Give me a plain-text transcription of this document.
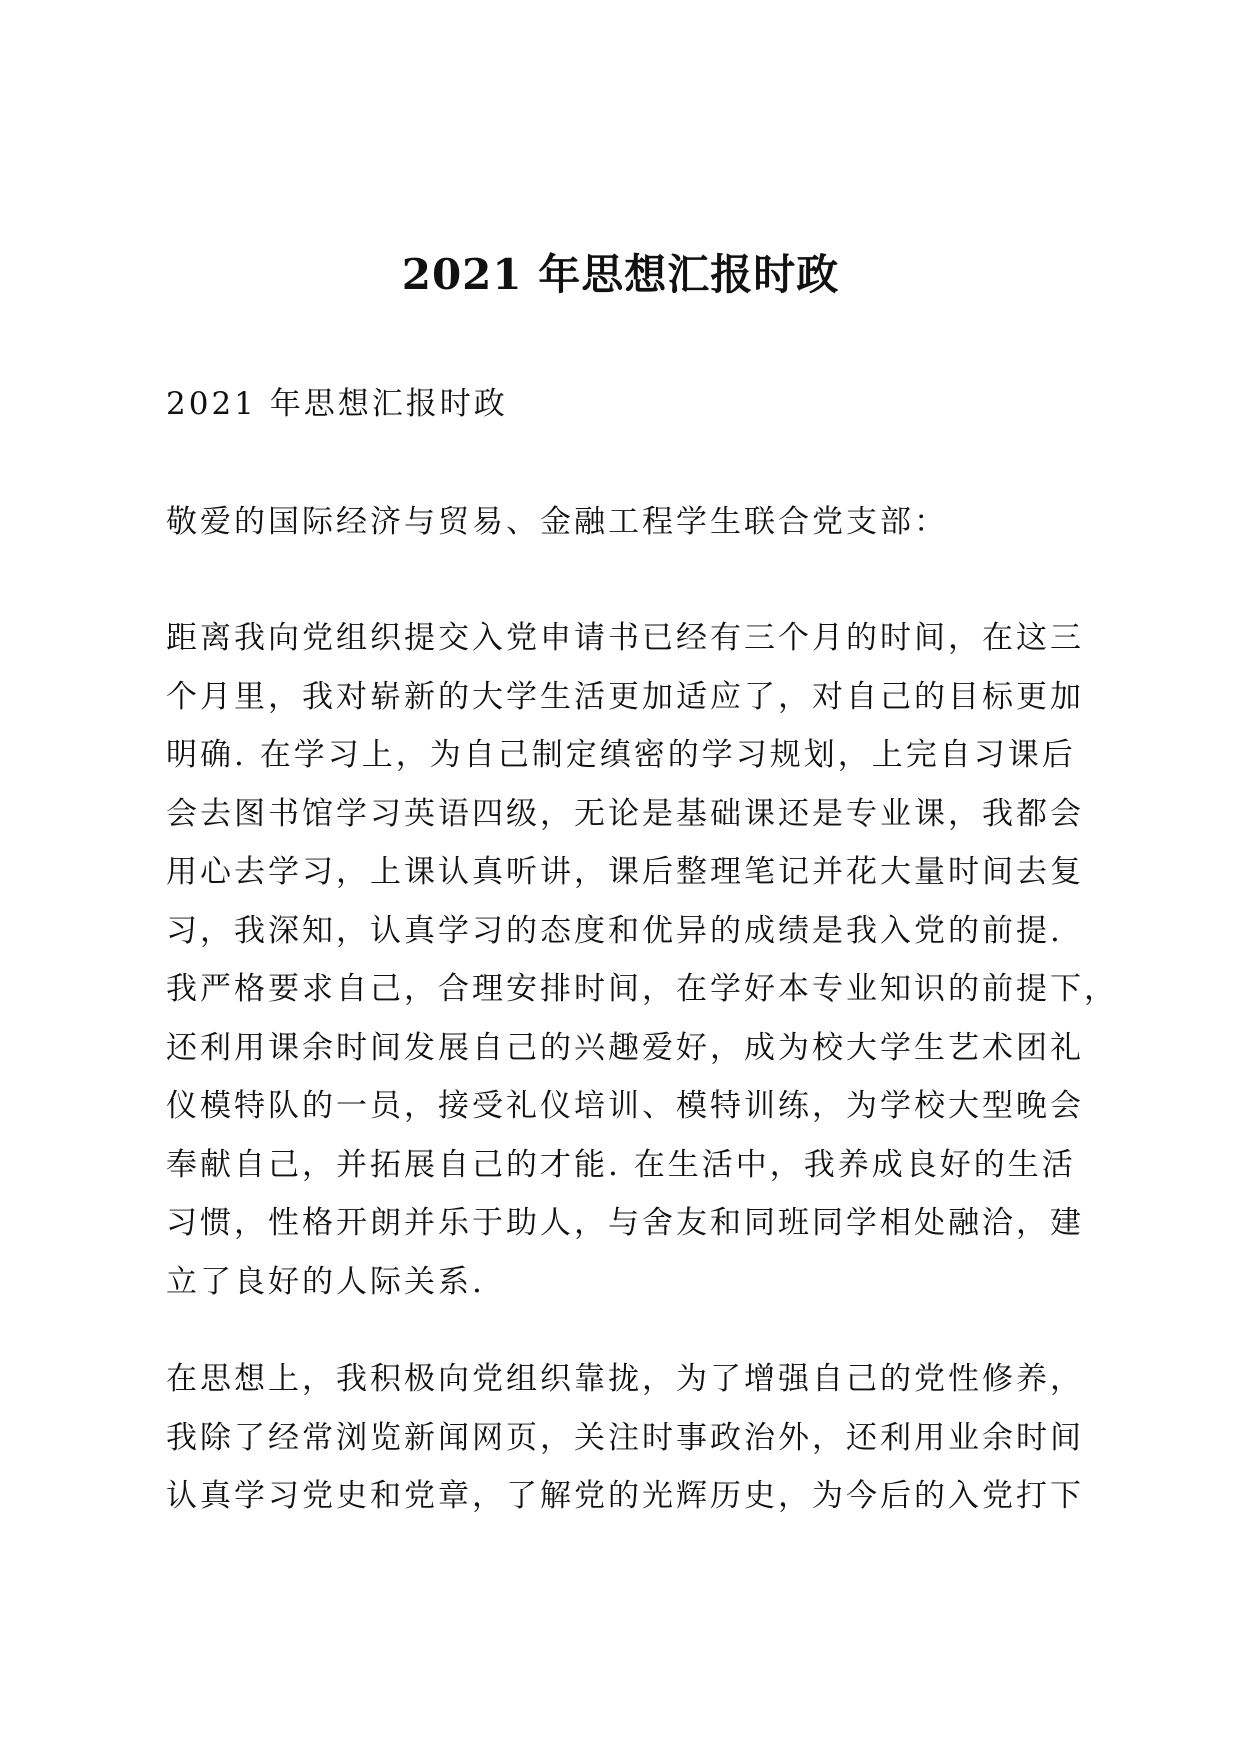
2021 年思想汇报时政

2021 年思想汇报时政

敬爱的国际经济与贸易、金融工程学生联合党支部：

距离我向党组织提交入党申请书已经有三个月的时间，在这三
个月里，我对崭新的大学生活更加适应了，对自己的目标更加
明确. 在学习上，为自己制定缜密的学习规划，上完自习课后
会去图书馆学习英语四级，无论是基础课还是专业课，我都会
用心去学习，上课认真听讲，课后整理笔记并花大量时间去复
习，我深知，认真学习的态度和优异的成绩是我入党的前提.
我严格要求自己，合理安排时间，在学好本专业知识的前提下，
还利用课余时间发展自己的兴趣爱好，成为校大学生艺术团礼
仪模特队的一员，接受礼仪培训、模特训练，为学校大型晚会
奉献自己，并拓展自己的才能. 在生活中，我养成良好的生活
习惯，性格开朗并乐于助人，与舍友和同班同学相处融洽，建
立了良好的人际关系.
在思想上，我积极向党组织靠拢，为了增强自己的党性修养，
我除了经常浏览新闻网页，关注时事政治外，还利用业余时间
认真学习党史和党章，了解党的光辉历史，为今后的入党打下
